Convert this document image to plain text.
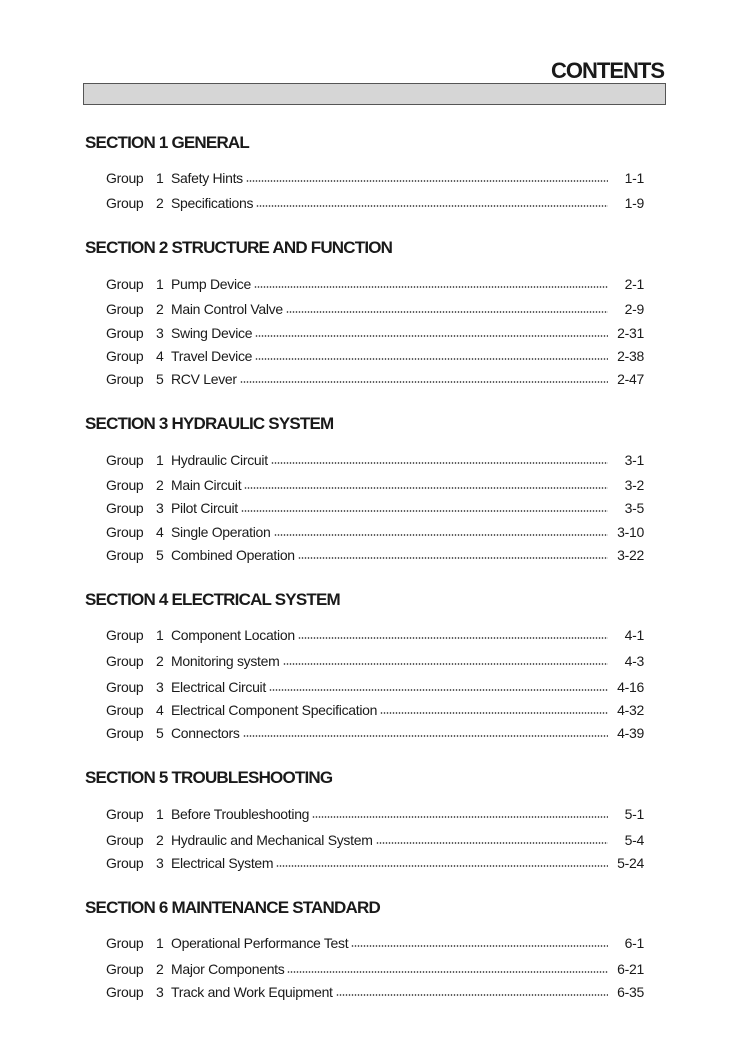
CONTENTS
SECTION 1 GENERAL
Group 1 Safety Hints	1-1
Group 2 Specifications	1-9
SECTION 2 STRUCTURE AND FUNCTION
Group 1 Pump Device	2-1
Group 2 Main Control Valve	2-9
Group 3 Swing Device	2-31
Group 4 Travel Device	2-38
Group 5 RCV Lever	2-47
SECTION 3 HYDRAULIC SYSTEM
Group 1 Hydraulic Circuit	3-1
Group 2 Main Circuit	3-2
Group 3 Pilot Circuit	3-5
Group 4 Single Operation	3-10
Group 5 Combined Operation	3-22
SECTION 4 ELECTRICAL SYSTEM
Group 1 Component Location	4-1
Group 2 Monitoring system	4-3
Group 3 Electrical Circuit	4-16
Group 4 Electrical Component Specification	4-32
Group 5 Connectors	4-39
SECTION 5 TROUBLESHOOTING
Group 1 Before Troubleshooting	5-1
Group 2 Hydraulic and Mechanical System	5-4
Group 3 Electrical System	5-24
SECTION 6 MAINTENANCE STANDARD
Group 1 Operational Performance Test	6-1
Group 2 Major Components	6-21
Group 3 Track and Work Equipment	6-35
